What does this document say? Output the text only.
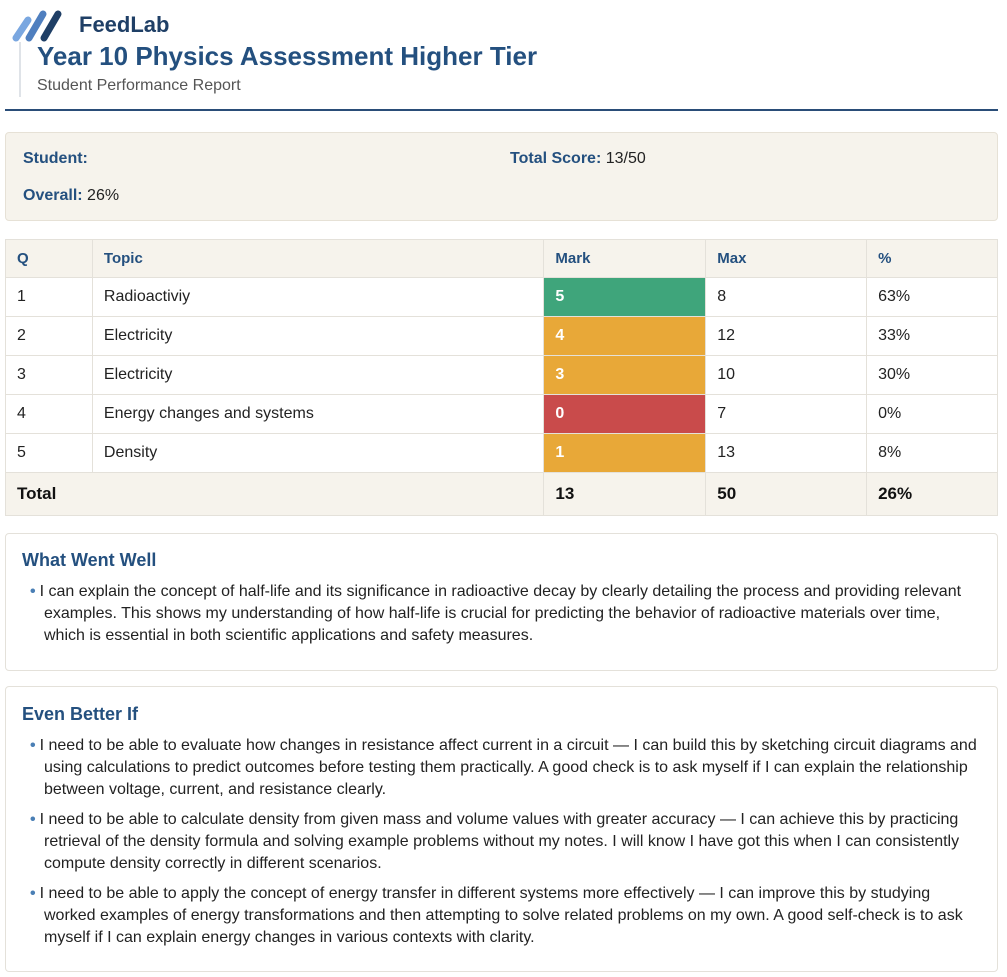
FeedLab
Year 10 Physics Assessment Higher Tier
Student Performance Report
Student:	Total Score: 13/50
Overall: 26%
Q	Topic	Mark	Max	%
1	Radioactiviy	5	8	63%
2	Electricity	4	12	33%
3	Electricity	3	10	30%
4	Energy changes and systems	0	7	0%
5	Density	1	13	8%
Total		13	50	26%
What Went Well
• I can explain the concept of half-life and its significance in radioactive decay by clearly detailing the process and providing relevant examples. This shows my understanding of how half-life is crucial for predicting the behavior of radioactive materials over time, which is essential in both scientific applications and safety measures.
Even Better If
• I need to be able to evaluate how changes in resistance affect current in a circuit — I can build this by sketching circuit diagrams and using calculations to predict outcomes before testing them practically. A good check is to ask myself if I can explain the relationship between voltage, current, and resistance clearly.
• I need to be able to calculate density from given mass and volume values with greater accuracy — I can achieve this by practicing retrieval of the density formula and solving example problems without my notes. I will know I have got this when I can consistently compute density correctly in different scenarios.
• I need to be able to apply the concept of energy transfer in different systems more effectively — I can improve this by studying worked examples of energy transformations and then attempting to solve related problems on my own. A good self-check is to ask myself if I can explain energy changes in various contexts with clarity.
